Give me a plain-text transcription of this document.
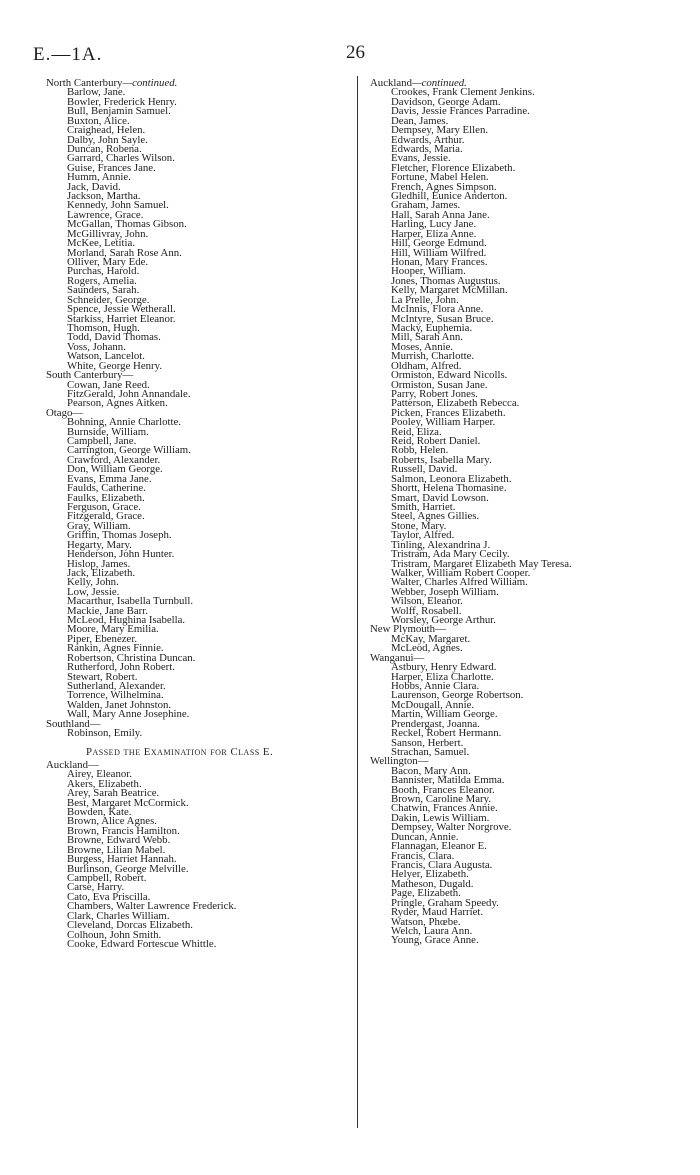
E.—1A.	26
North Canterbury—continued.
Barlow, Jane.
Bowler, Frederick Henry.
Bull, Benjamin Samuel.
Buxton, Alice.
Craighead, Helen.
Dalby, John Sayle.
Duncan, Robena.
Garrard, Charles Wilson.
Guise, Frances Jane.
Humm, Annie.
Jack, David.
Jackson, Martha.
Kennedy, John Samuel.
Lawrence, Grace.
McGallan, Thomas Gibson.
McGillivray, John.
McKee, Letitia.
Morland, Sarah Rose Ann.
Olliver, Mary Ede.
Purchas, Harold.
Rogers, Amelia.
Saunders, Sarah.
Schneider, George.
Spence, Jessie Wetherall.
Starkiss, Harriet Eleanor.
Thomson, Hugh.
Todd, David Thomas.
Voss, Johann.
Watson, Lancelot.
White, George Henry.
South Canterbury—
Cowan, Jane Reed.
FitzGerald, John Annandale.
Pearson, Agnes Aitken.
Otago—
Bohning, Annie Charlotte.
Burnside, William.
Campbell, Jane.
Carrington, George William.
Crawford, Alexander.
Don, William George.
Evans, Emma Jane.
Faulds, Catherine.
Faulks, Elizabeth.
Ferguson, Grace.
Fitzgerald, Grace.
Gray, William.
Griffin, Thomas Joseph.
Hegarty, Mary.
Henderson, John Hunter.
Hislop, James.
Jack, Elizabeth.
Kelly, John.
Low, Jessie.
Macarthur, Isabella Turnbull.
Mackie, Jane Barr.
McLeod, Hughina Isabella.
Moore, Mary Emilia.
Piper, Ebenezer.
Rankin, Agnes Finnie.
Robertson, Christina Duncan.
Rutherford, John Robert.
Stewart, Robert.
Sutherland, Alexander.
Torrence, Wilhelmina.
Walden, Janet Johnston.
Wall, Mary Anne Josephine.
Southland—
Robinson, Emily.
Passed the Examination for Class E.
Auckland—
Airey, Eleanor.
Akers, Elizabeth.
Arey, Sarah Beatrice.
Best, Margaret McCormick.
Bowden, Kate.
Brown, Alice Agnes.
Brown, Francis Hamilton.
Browne, Edward Webb.
Browne, Lilian Mabel.
Burgess, Harriet Hannah.
Burlinson, George Melville.
Campbell, Robert.
Carse, Harry.
Cato, Eva Priscilla.
Chambers, Walter Lawrence Frederick.
Clark, Charles William.
Cleveland, Dorcas Elizabeth.
Colhoun, John Smith.
Cooke, Edward Fortescue Whittle.
Auckland—continued.
Crookes, Frank Clement Jenkins.
Davidson, George Adam.
Davis, Jessie Frances Parradine.
Dean, James.
Dempsey, Mary Ellen.
Edwards, Arthur.
Edwards, Maria.
Evans, Jessie.
Fletcher, Florence Elizabeth.
Fortune, Mabel Helen.
French, Agnes Simpson.
Gledhill, Eunice Anderton.
Graham, James.
Hall, Sarah Anna Jane.
Harling, Lucy Jane.
Harper, Eliza Anne.
Hill, George Edmund.
Hill, William Wilfred.
Honan, Mary Frances.
Hooper, William.
Jones, Thomas Augustus.
Kelly, Margaret McMillan.
La Prelle, John.
McInnis, Flora Anne.
McIntyre, Susan Bruce.
Macky, Euphemia.
Mill, Sarah Ann.
Moses, Annie.
Murrish, Charlotte.
Oldham, Alfred.
Ormiston, Edward Nicolls.
Ormiston, Susan Jane.
Parry, Robert Jones.
Patterson, Elizabeth Rebecca.
Picken, Frances Elizabeth.
Pooley, William Harper.
Reid, Eliza.
Reid, Robert Daniel.
Robb, Helen.
Roberts, Isabella Mary.
Russell, David.
Salmon, Leonora Elizabeth.
Shortt, Helena Thomasine.
Smart, David Lowson.
Smith, Harriet.
Steel, Agnes Gillies.
Stone, Mary.
Taylor, Alfred.
Tinling, Alexandrina J.
Tristram, Ada Mary Cecily.
Tristram, Margaret Elizabeth May Teresa.
Walker, William Robert Cooper.
Walter, Charles Alfred William.
Webber, Joseph William.
Wilson, Eleanor.
Wolff, Rosabell.
Worsley, George Arthur.
New Plymouth—
McKay, Margaret.
McLeod, Agnes.
Wanganui—
Astbury, Henry Edward.
Harper, Eliza Charlotte.
Hobbs, Annie Clara.
Laurenson, George Robertson.
McDougall, Annie.
Martin, William George.
Prendergast, Joanna.
Reckel, Robert Hermann.
Sanson, Herbert.
Strachan, Samuel.
Wellington—
Bacon, Mary Ann.
Bannister, Matilda Emma.
Booth, Frances Eleanor.
Brown, Caroline Mary.
Chatwin, Frances Annie.
Dakin, Lewis William.
Dempsey, Walter Norgrove.
Duncan, Annie.
Flannagan, Eleanor E.
Francis, Clara.
Francis, Clara Augusta.
Helyer, Elizabeth.
Matheson, Dugald.
Page, Elizabeth.
Pringle, Graham Speedy.
Ryder, Maud Harriet.
Watson, Phœbe.
Welch, Laura Ann.
Young, Grace Anne.
